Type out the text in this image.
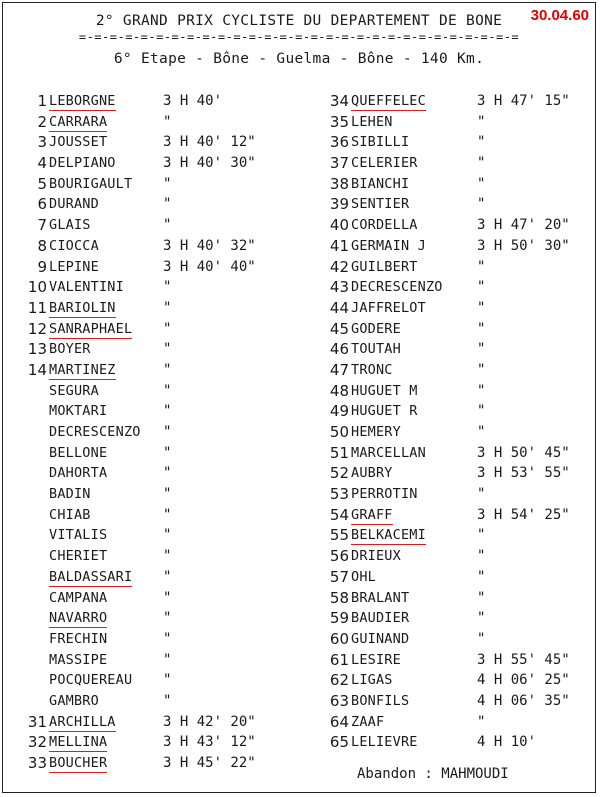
30.04.60
2° GRAND PRIX CYCLISTE DU DEPARTEMENT DE BONE
=-=-=-=-=-=-=-=-=-=-=-=-=-=-=-=-=-=-=-=-=-=-=-=-=-=-=-=-=
6° Etape - Bône - Guelma - Bône - 140 Km.
1 LEBORGNE	3 H 40'
2 CARRARA	"
3 JOUSSET	3 H 40' 12"
4 DELPIANO	3 H 40' 30"
5 BOURIGAULT "
6 DURAND	"
7 GLAIS	"
8 CIOCCA	3 H 40' 32"
9 LEPINE	3 H 40' 40"
10 VALENTINI	"
11 BARIOLIN	"
12 SANRAPHAEL "
13 BOYER	"
14 MARTINEZ	"
SEGURA	"
MOKTARI	"
DECRESCENZO "
BELLONE	"
DAHORTA	"
BADIN	"
CHIAB	"
VITALIS	"
CHERIET	"
BALDASSARI "
CAMPANA	"
NAVARRO	"
FRECHIN	"
MASSIPE	"
POCQUEREAU "
GAMBRO	"
31 ARCHILLA	3 H 42' 20"
32 MELLINA	3 H 43' 12"
33 BOUCHER	3 H 45' 22"
34 QUEFFELEC	3 H 47' 15"
35 LEHEN	"
36 SIBILLI	"
37 CELERIER	"
38 BIANCHI	"
39 SENTIER	"
40 CORDELLA	3 H 47' 20"
41 GERMAIN J	3 H 50' 30"
42 GUILBERT	"
43 DECRESCENZO "
44 JAFFRELOT	"
45 GODERE	"
46 TOUTAH	"
47 TRONC	"
48 HUGUET M	"
49 HUGUET R	"
50 HEMERY	"
51 MARCELLAN	3 H 50' 45"
52 AUBRY	3 H 53' 55"
53 PERROTIN	"
54 GRAFF	3 H 54' 25"
55 BELKACEMI	"
56 DRIEUX	"
57 OHL	"
58 BRALANT	"
59 BAUDIER	"
60 GUINAND	"
61 LESIRE	3 H 55' 45"
62 LIGAS	4 H 06' 25"
63 BONFILS	4 H 06' 35"
64 ZAAF	"
65 LELIEVRE	4 H 10'
Abandon : MAHMOUDI
